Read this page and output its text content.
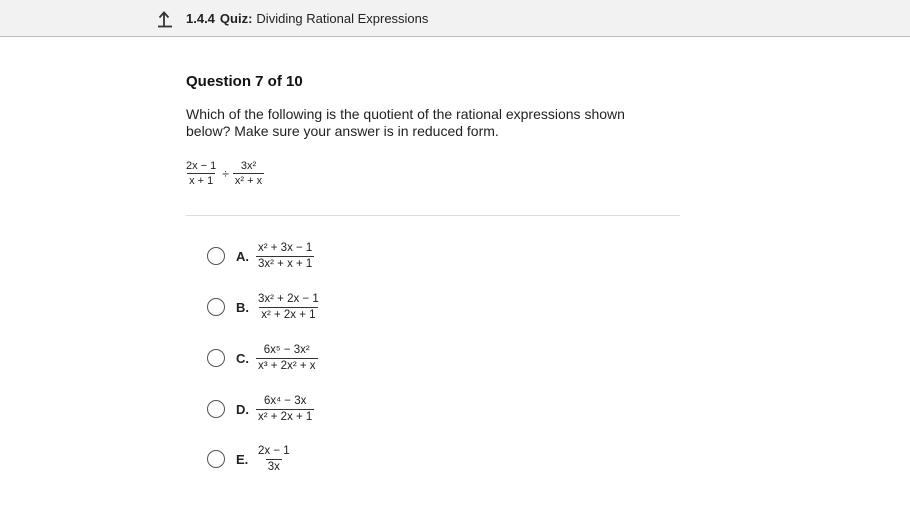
1.4.4 Quiz: Dividing Rational Expressions
Question 7 of 10
Which of the following is the quotient of the rational expressions shown below? Make sure your answer is in reduced form.
$\frac{2x - 1}{x + 1} \div \frac{\text{3x²}}{\text{x² + x}}$
A. $\frac{\text{x² + 3x − 1}}{\text{3x² + x + 1}}$
B. $\frac{\text{3x² + 2x − 1}}{\text{x² + 2x + 1}}$
C. $\frac{\text{6x⁵ − 3x²}}{\text{x³ + 2x² + x}}$
D. $\frac{\text{6x⁴ − 3x}}{\text{x² + 2x + 1}}$
E. $\frac{2x - 1}{3x}$
